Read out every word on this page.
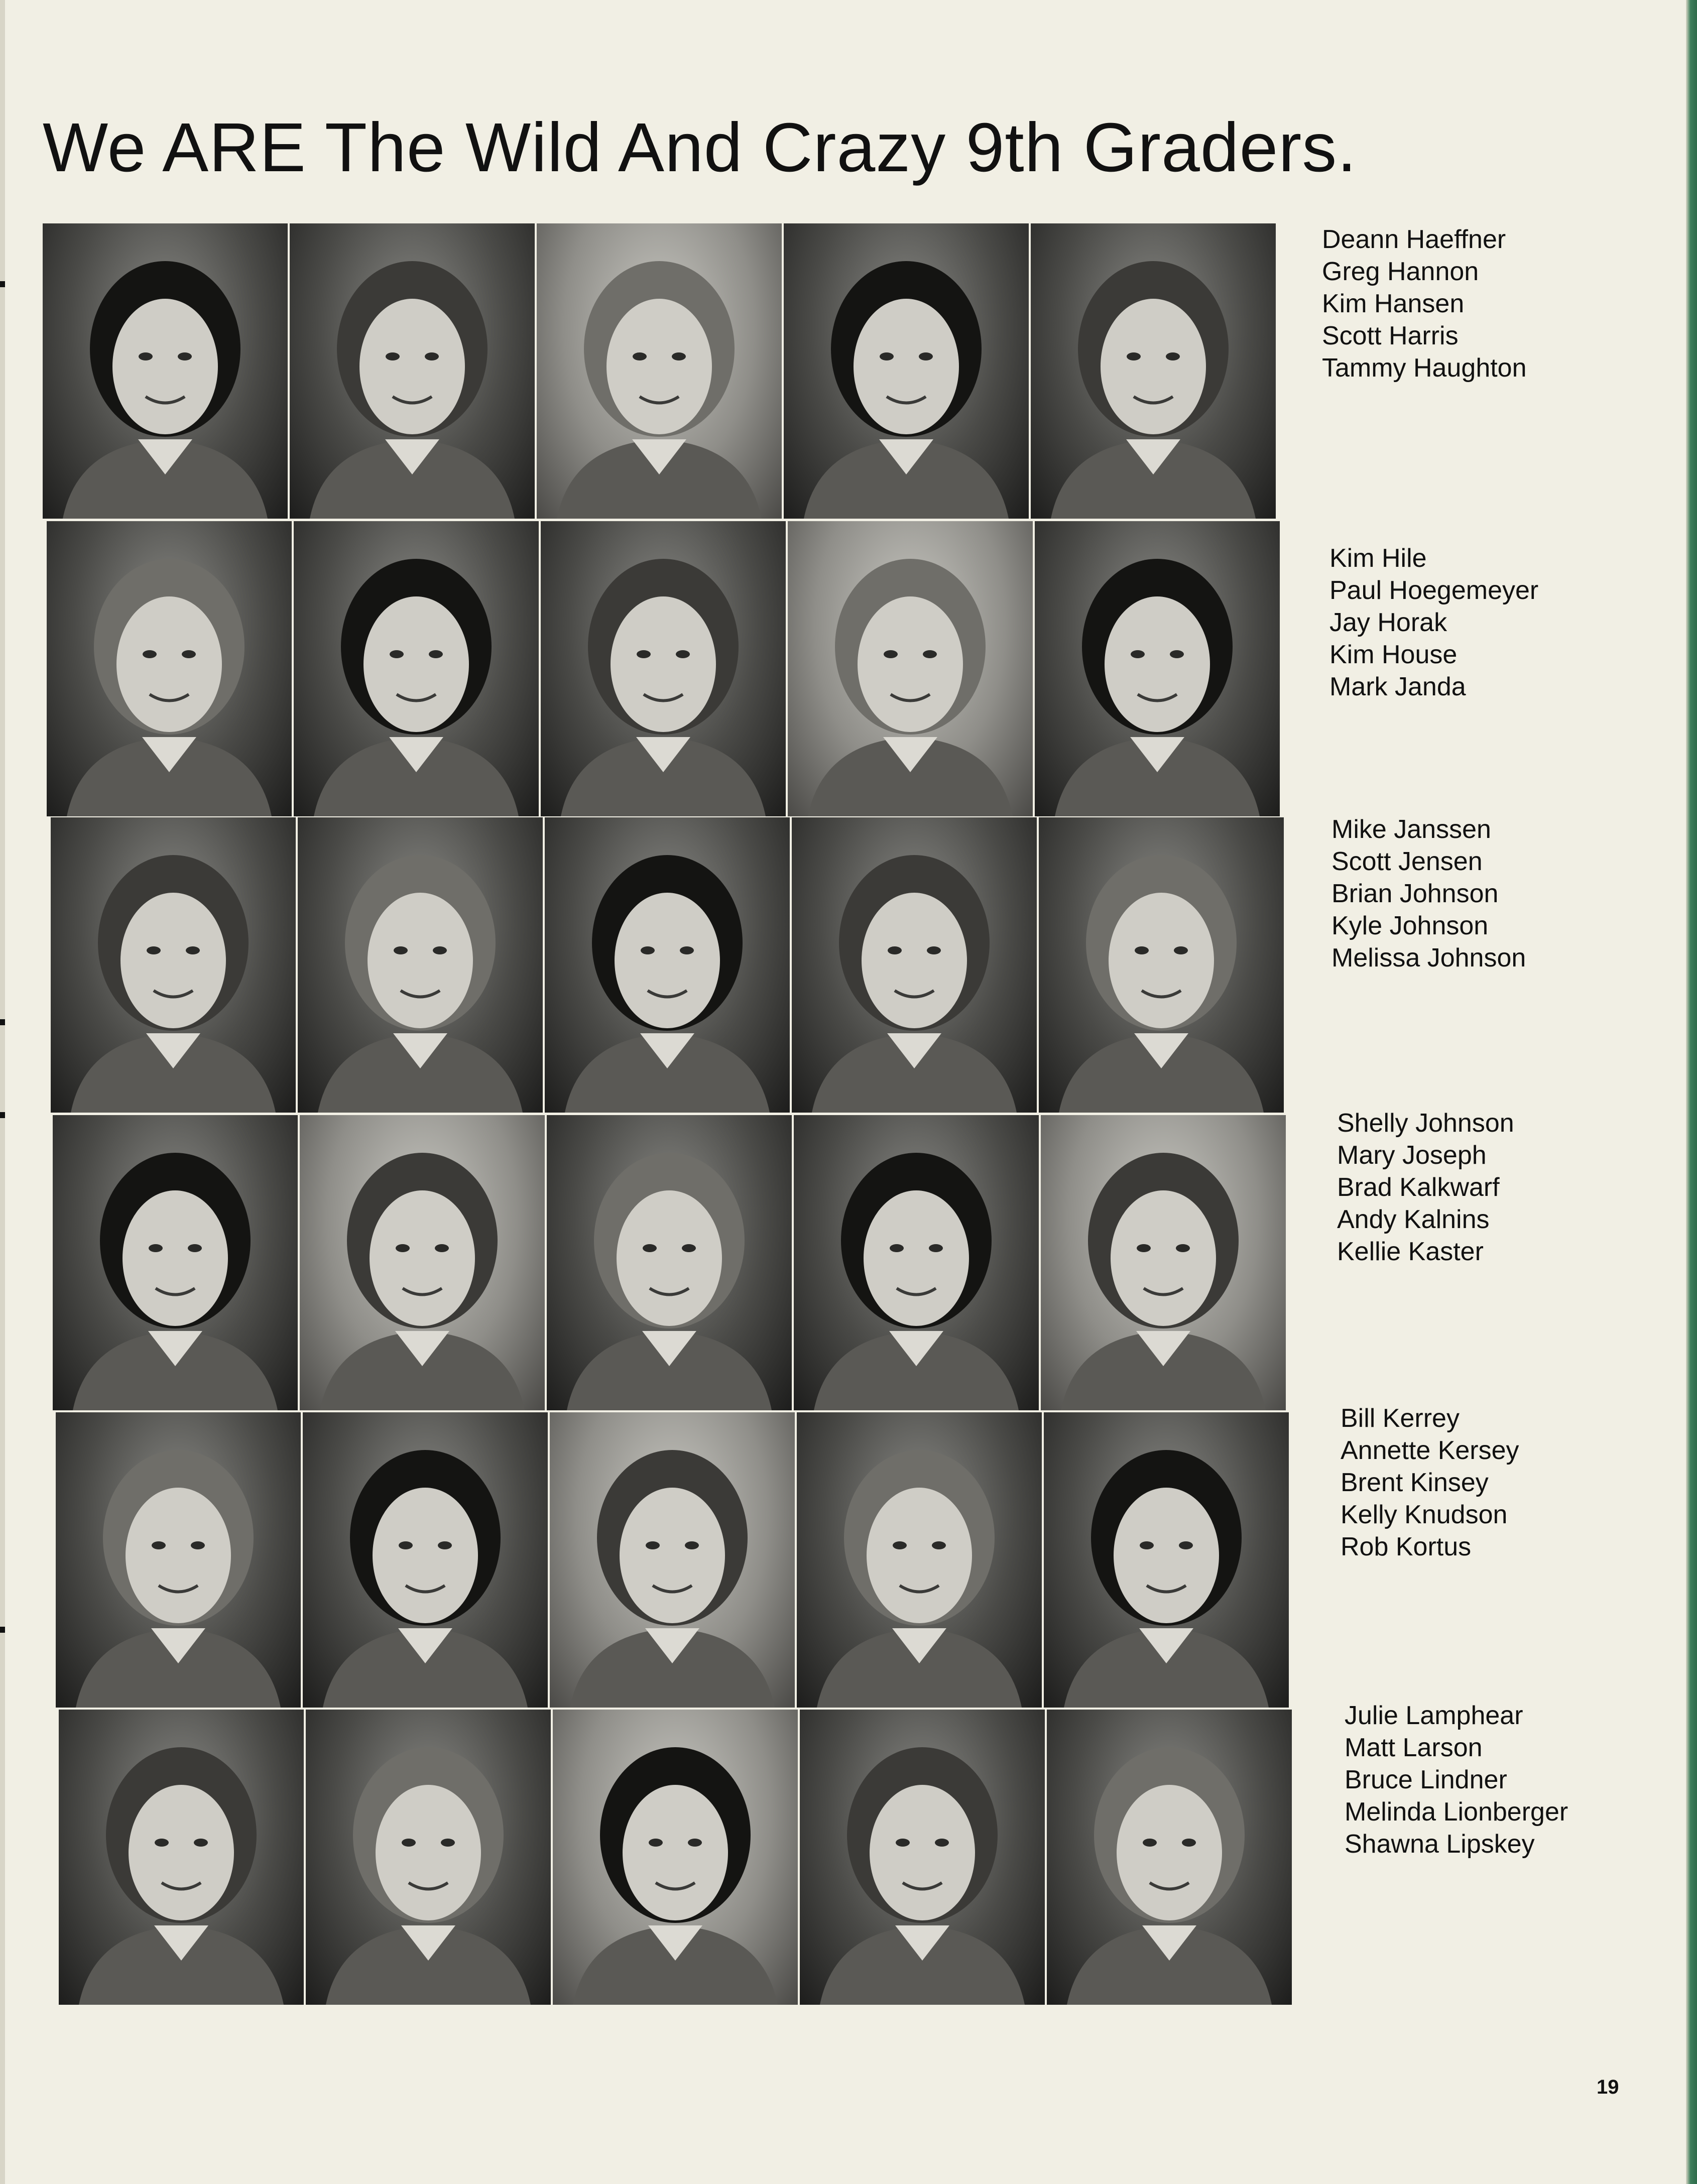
We ARE The Wild And Crazy 9th Graders.
19
Deann Haeffner
Greg Hannon
Kim Hansen
Scott Harris
Tammy Haughton
Kim Hile
Paul Hoegemeyer
Jay Horak
Kim House
Mark Janda
Mike Janssen
Scott Jensen
Brian Johnson
Kyle Johnson
Melissa Johnson
Shelly Johnson
Mary Joseph
Brad Kalkwarf
Andy Kalnins
Kellie Kaster
Bill Kerrey
Annette Kersey
Brent Kinsey
Kelly Knudson
Rob Kortus
Julie Lamphear
Matt Larson
Bruce Lindner
Melinda Lionberger
Shawna Lipskey
